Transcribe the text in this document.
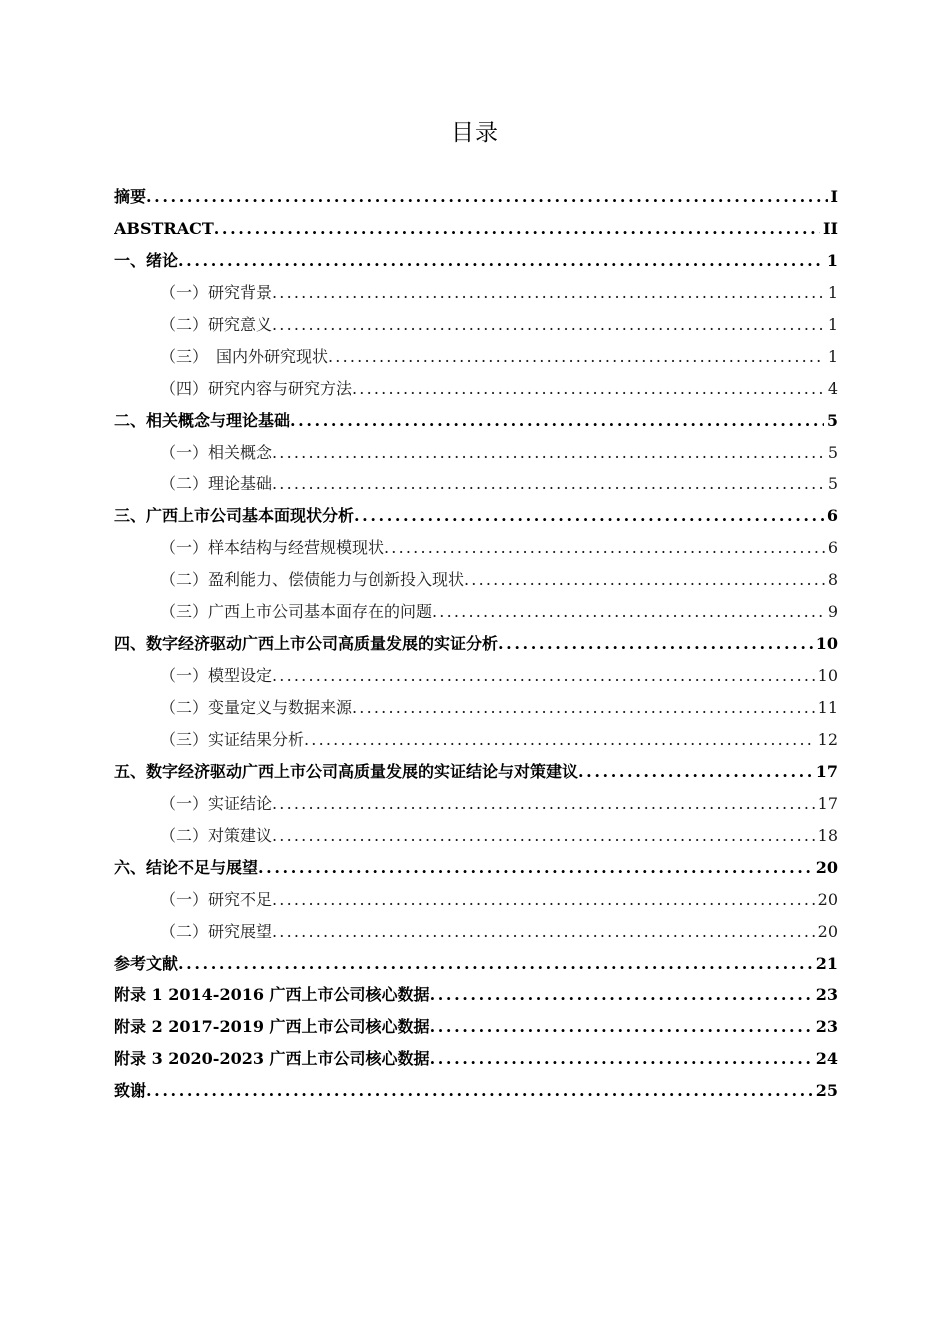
目录
摘要 .....	I
ABSTRACT .....	II
一、绪论 .....	1
（一）研究背景 .....	1
（二）研究意义 .....	1
（三）　国内外研究现状 .....	1
（四）研究内容与研究方法 .....	4
二、相关概念与理论基础 .....	5
（一）相关概念 .....	5
（二）理论基础 .....	5
三、广西上市公司基本面现状分析 .....	6
（一）样本结构与经营规模现状 .....	6
（二）盈利能力、偿债能力与创新投入现状 .....	8
（三）广西上市公司基本面存在的问题 .....	9
四、数字经济驱动广西上市公司高质量发展的实证分析 .....	10
（一）模型设定 .....	10
（二）变量定义与数据来源 .....	11
（三）实证结果分析 .....	12
五、数字经济驱动广西上市公司高质量发展的实证结论与对策建议 .....	17
（一）实证结论 .....	17
（二）对策建议 .....	18
六、结论不足与展望 .....	20
（一）研究不足 .....	20
（二）研究展望 .....	20
参考文献 .....	21
附录 1 2014-2016 广西上市公司核心数据 .....	23
附录 2 2017-2019 广西上市公司核心数据 .....	23
附录 3 2020-2023 广西上市公司核心数据 .....	24
致谢 .....	25
